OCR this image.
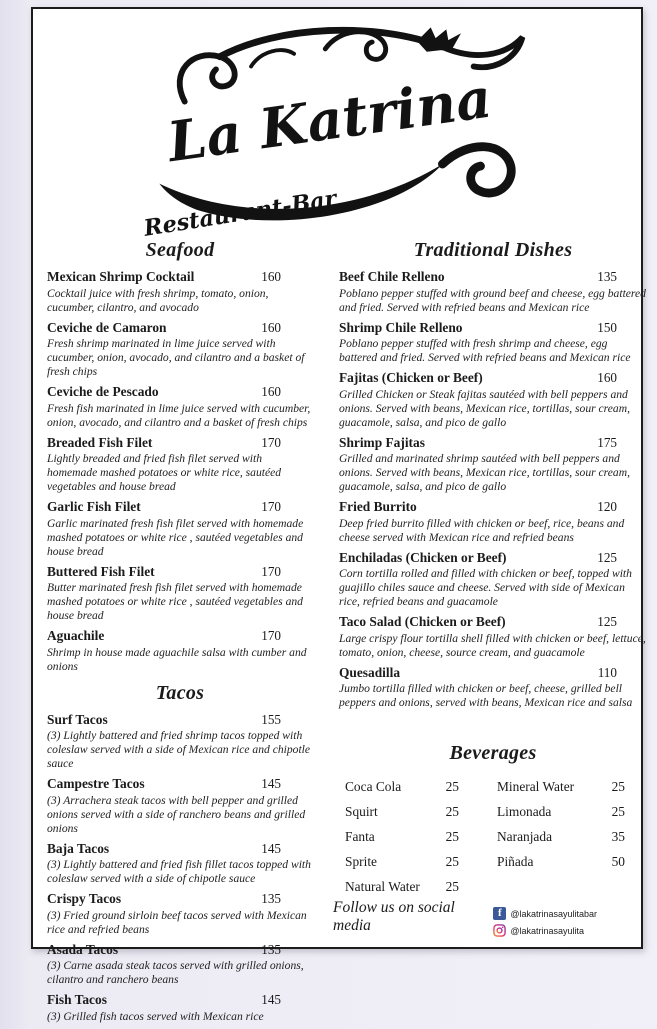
La Katrina
Restaurant-Bar
Seafood
Mexican Shrimp Cocktail	160
Cocktail juice with fresh shrimp, tomato, onion, cucumber, cilantro, and avocado
Ceviche de Camaron	160
Fresh shrimp marinated in lime juice served with cucumber, onion, avocado, and cilantro and a basket of fresh chips
Ceviche de Pescado	160
Fresh fish marinated in lime juice served with cucumber, onion, avocado, and cilantro and a basket of fresh chips
Breaded Fish Filet	170
Lightly breaded and fried fish filet served with homemade mashed potatoes or white rice, sautéed vegetables and house bread
Garlic Fish Filet	170
Garlic marinated fresh fish filet served with homemade mashed potatoes or white rice , sautéed vegetables and house bread
Buttered Fish Filet	170
Butter marinated fresh fish filet served with homemade mashed potatoes or white rice , sautéed vegetables and house bread
Aguachile	170
Shrimp in house made aguachile salsa with cumber and onions
Tacos
Surf Tacos	155
(3) Lightly battered and fried shrimp tacos topped with coleslaw served with a side of Mexican rice and chipotle sauce
Campestre Tacos	145
(3) Arrachera steak tacos with bell pepper and grilled onions served with a side of ranchero beans and grilled onions
Baja Tacos	145
(3) Lightly battered and fried fish fillet tacos topped with coleslaw served with a side of chipotle sauce
Crispy Tacos	135
(3) Fried ground sirloin beef tacos served with Mexican rice and refried beans
Asada Tacos	135
(3) Carne asada steak tacos served with grilled onions, cilantro and ranchero beans
Fish Tacos	145
(3) Grilled fish tacos served with Mexican rice
Traditional Dishes
Beef Chile Relleno	135
Poblano pepper stuffed with ground beef and cheese, egg battered and fried. Served with refried beans and Mexican rice
Shrimp Chile Relleno	150
Poblano pepper stuffed with fresh shrimp and cheese, egg battered and fried. Served with refried beans and Mexican rice
Fajitas (Chicken or Beef)	160
Grilled Chicken or Steak fajitas sautéed with bell peppers and onions. Served with beans, Mexican rice, tortillas, sour cream, guacamole, salsa, and pico de gallo
Shrimp Fajitas	175
Grilled and marinated shrimp sautéed with bell peppers and onions. Served with beans, Mexican rice, tortillas, sour cream, guacamole, salsa, and pico de gallo
Fried Burrito	120
Deep fried burrito filled with chicken or beef, rice, beans and cheese served with Mexican rice and refried beans
Enchiladas (Chicken or Beef)	125
Corn tortilla rolled and filled with chicken or beef, topped with guajillo chiles sauce and cheese. Served with side of Mexican rice, refried beans and guacamole
Taco Salad (Chicken or Beef)	125
Large crispy flour tortilla shell filled with chicken or beef, lettuce, tomato, onion, cheese, source cream, and guacamole
Quesadilla	110
Jumbo tortilla filled with chicken or beef, cheese, grilled bell peppers and onions, served with beans, Mexican rice and salsa
Beverages
Coca Cola	25
Squirt	25
Fanta	25
Sprite	25
Natural Water 25
Mineral Water	25
Limonada	25
Naranjada	35
Piñada	50
Follow us on social media
f @lakatrinasayulitabar
@lakatrinasayulita
